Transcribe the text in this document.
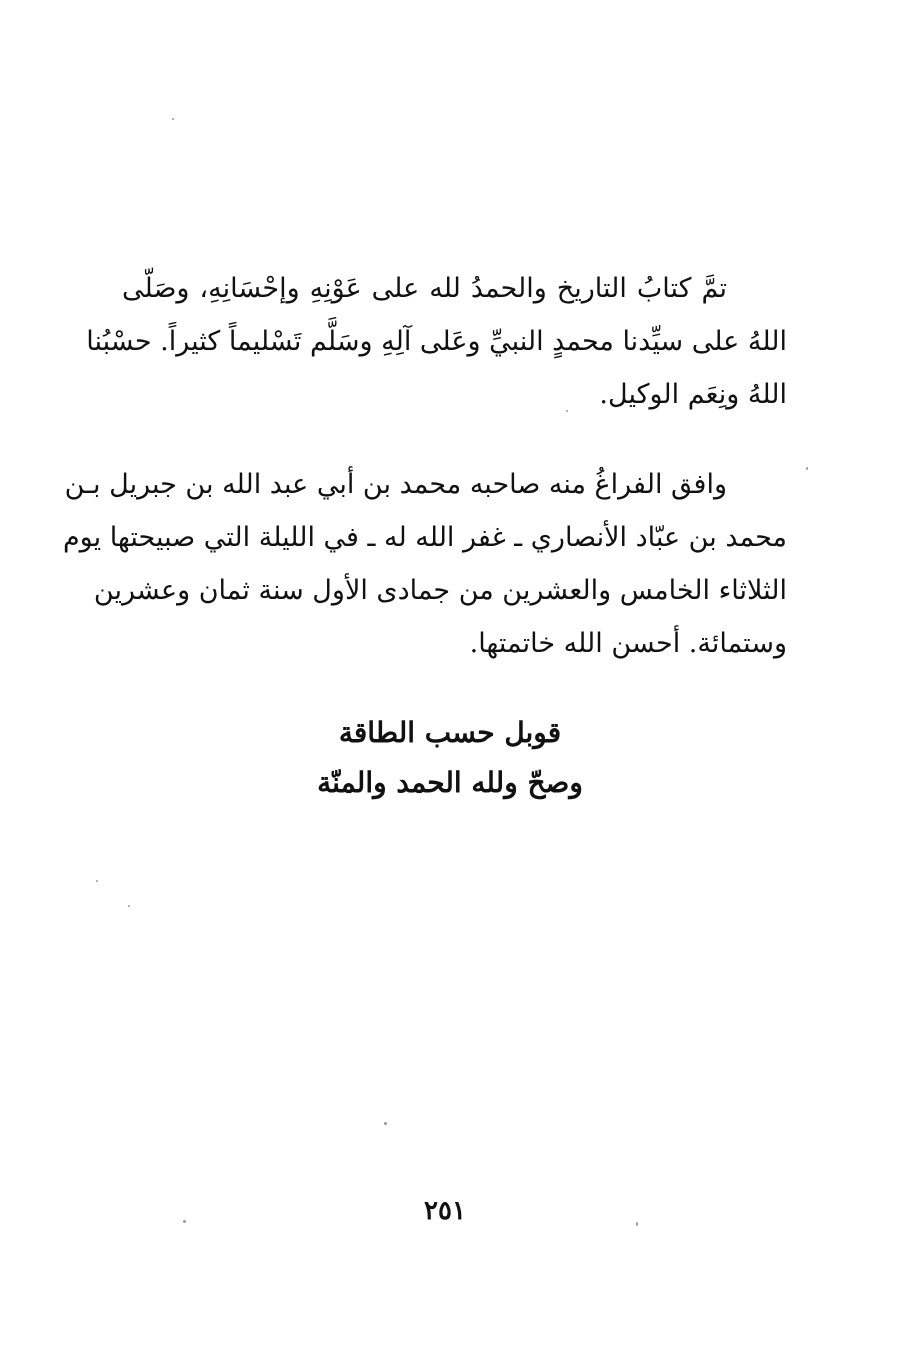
تمَّ كتابُ التاريخ والحمدُ لله على عَوْنِهِ وإحْسَانِهِ، وصَلّى
اللهُ على سيِّدنا محمدٍ النبيِّ وعَلى آلِهِ وسَلَّم تَسْليماً كثيراً. حسْبُنا
اللهُ ونِعَم الوكيل.
وافق الفراغُ منه صاحبه محمد بن أبي عبد الله بن جبريل بـن
محمد بن عبّاد الأنصاري ـ غفر الله له ـ في الليلة التي صبيحتها يوم
الثلاثاء الخامس والعشرين من جمادى الأول سنة ثمان وعشرين
وستمائة. أحسن الله خاتمتها.
قوبل حسب الطاقة
وصحّ ولله الحمد والمنّة
٢٥١
